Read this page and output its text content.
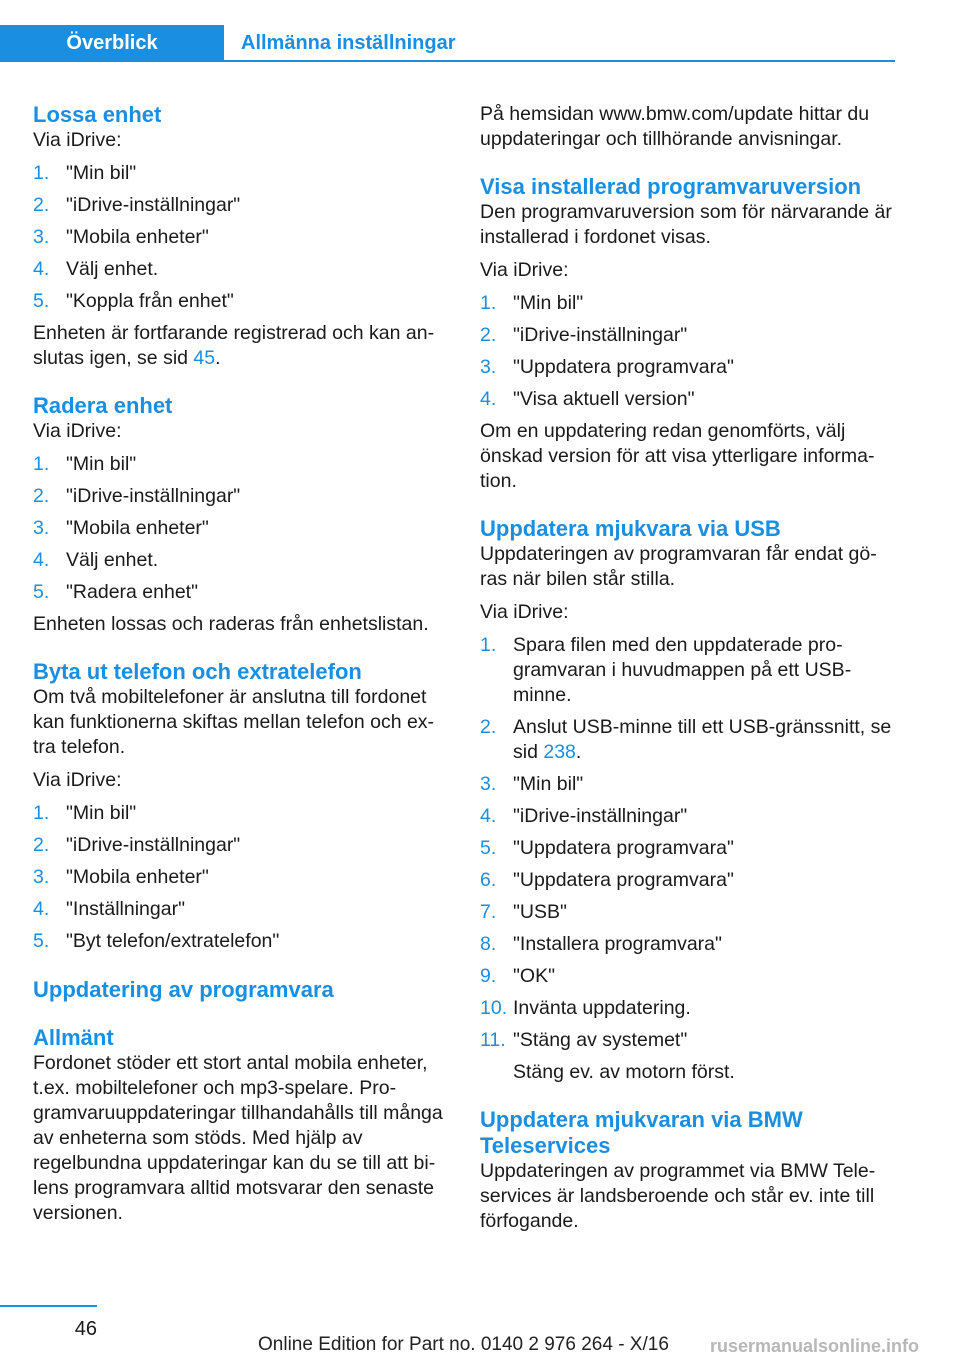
Överblick	Allmänna inställningar
Lossa enhet

Via iDrive:

1. "Min bil"
2. "iDrive-inställningar"
3. "Mobila enheter"
4. Välj enhet.
5. "Koppla från enhet"

Enheten är fortfarande registrerad och kan an-slutas igen, se sid 45.

Radera enhet

Via iDrive:

1. "Min bil"
2. "iDrive-inställningar"
3. "Mobila enheter"
4. Välj enhet.
5. "Radera enhet"

Enheten lossas och raderas från enhetslistan.

Byta ut telefon och extratelefon

Om två mobiltelefoner är anslutna till fordonet kan funktionerna skiftas mellan telefon och ex-tra telefon.

Via iDrive:

1. "Min bil"
2. "iDrive-inställningar"
3. "Mobila enheter"
4. "Inställningar"
5. "Byt telefon/extratelefon"
Uppdatering av programvara
Allmänt

Fordonet stöder ett stort antal mobila enheter, t.ex. mobiltelefoner och mp3-spelare. Pro-gramvaruuppdateringar tillhandahålls till många av enheterna som stöds. Med hjälp av regelbundna uppdateringar kan du se till att bi-lens programvara alltid motsvarar den senaste versionen.

På hemsidan www.bmw.com/update hittar du uppdateringar och tillhörande anvisningar.

Visa installerad programvaruversion

Den programvaruversion som för närvarande är installerad i fordonet visas.

Via iDrive:

1. "Min bil"
2. "iDrive-inställningar"
3. "Uppdatera programvara"
4. "Visa aktuell version"

Om en uppdatering redan genomförts, välj önskad version för att visa ytterligare informa-tion.

Uppdatera mjukvara via USB

Uppdateringen av programvaran får endat gö-ras när bilen står stilla.

Via iDrive:

1. Spara filen med den uppdaterade pro-gramvaran i huvudmappen på ett USB-minne.
2. Anslut USB-minne till ett USB-gränssnitt, se sid 238.
3. "Min bil"
4. "iDrive-inställningar"
5. "Uppdatera programvara"
6. "Uppdatera programvara"
7. "USB"
8. "Installera programvara"
9. "OK"
10. Invänta uppdatering.
11. "Stäng av systemet"

Stäng ev. av motorn först.

Uppdatera mjukvaran via BMW Teleservices

Uppdateringen av programmet via BMW Tele-services är landsberoende och står ev. inte till förfogande.

46
Online Edition for Part no. 0140 2 976 264 - X/16 rusermanualsonline.info
